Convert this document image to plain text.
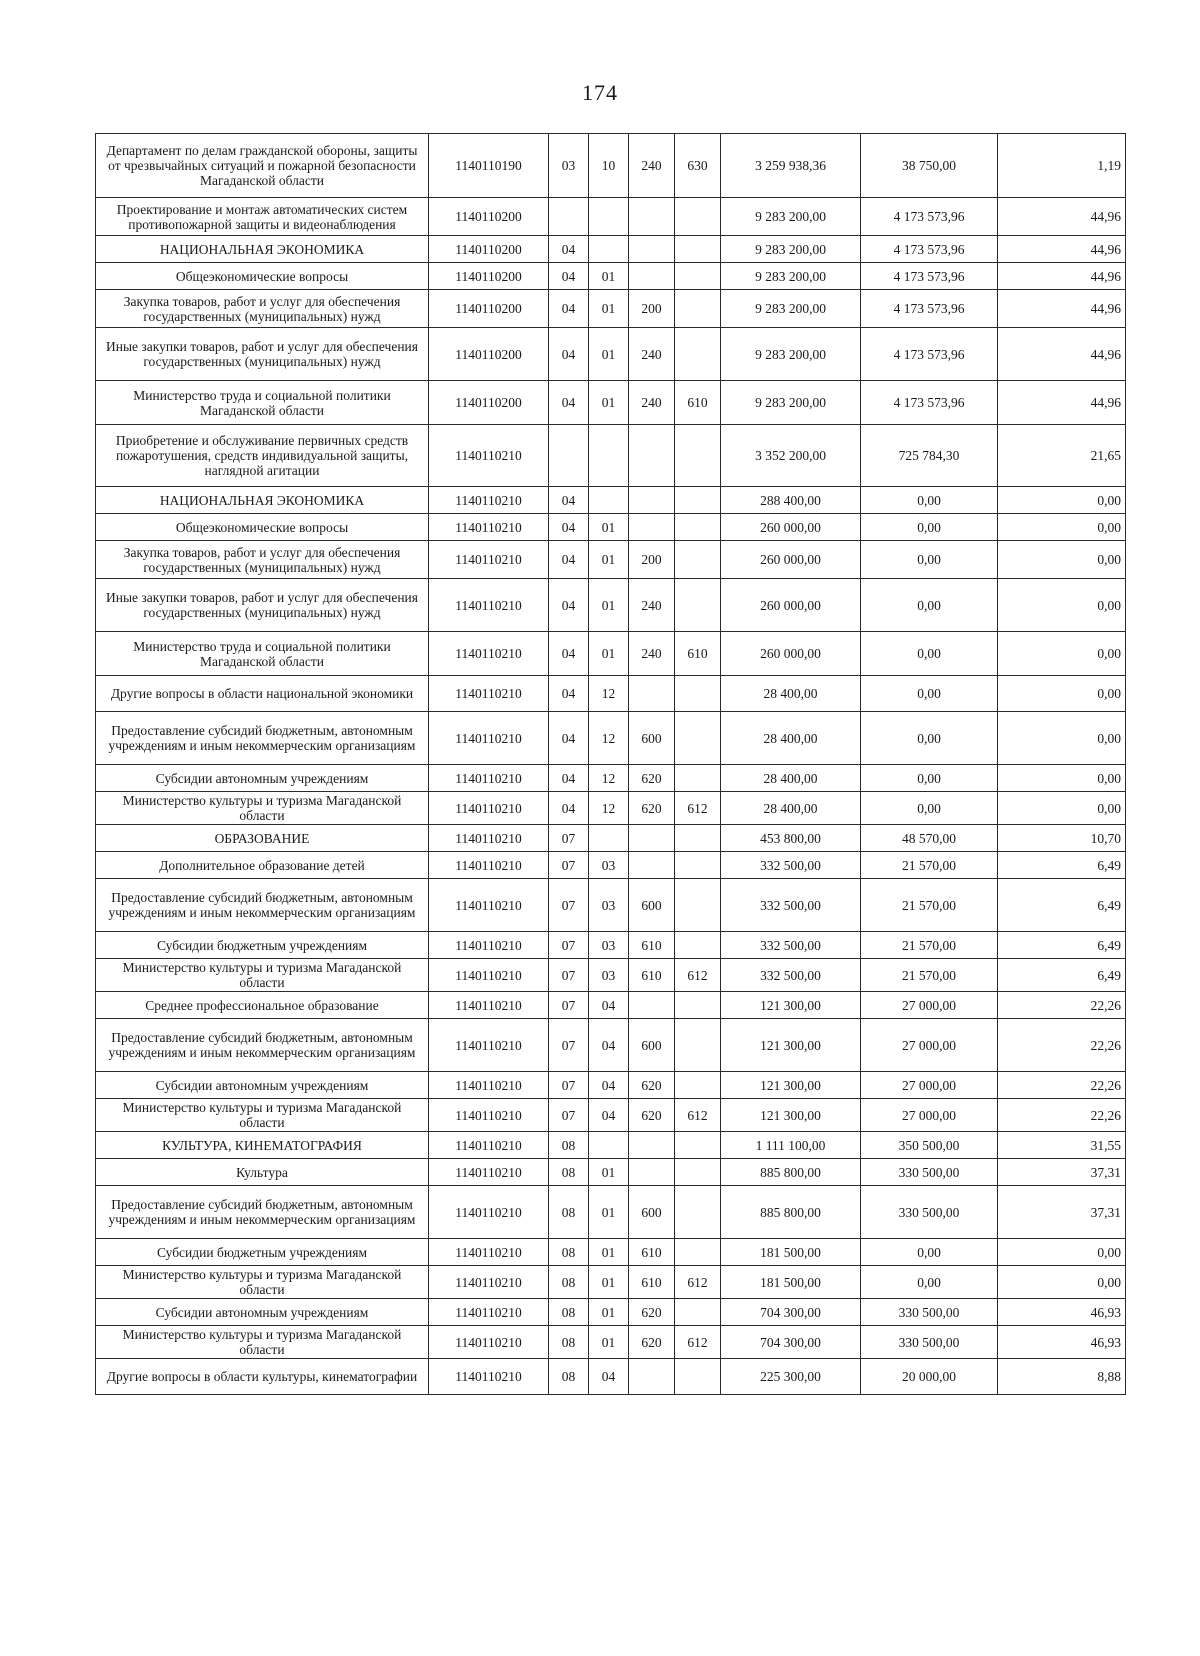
174
Департамент по делам гражданской обороны, защиты от чрезвычайных ситуаций и пожарной безопасности Магаданской области	1140110190	03	10	240	630	3 259 938,36	38 750,00	1,19
Проектирование и монтаж автоматических систем противопожарной защиты и видеонаблюдения	1140110200					9 283 200,00	4 173 573,96	44,96
НАЦИОНАЛЬНАЯ ЭКОНОМИКА	1140110200	04				9 283 200,00	4 173 573,96	44,96
Общеэкономические вопросы	1140110200	04	01			9 283 200,00	4 173 573,96	44,96
Закупка товаров, работ и услуг для обеспечения государственных (муниципальных) нужд	1140110200	04	01	200		9 283 200,00	4 173 573,96	44,96
Иные закупки товаров, работ и услуг для обеспечения государственных (муниципальных) нужд	1140110200	04	01	240		9 283 200,00	4 173 573,96	44,96
Министерство труда и социальной политики Магаданской области	1140110200	04	01	240	610	9 283 200,00	4 173 573,96	44,96
Приобретение и обслуживание первичных средств пожаротушения, средств индивидуальной защиты, наглядной агитации	1140110210					3 352 200,00	725 784,30	21,65
НАЦИОНАЛЬНАЯ ЭКОНОМИКА	1140110210	04				288 400,00	0,00	0,00
Общеэкономические вопросы	1140110210	04	01			260 000,00	0,00	0,00
Закупка товаров, работ и услуг для обеспечения государственных (муниципальных) нужд	1140110210	04	01	200		260 000,00	0,00	0,00
Иные закупки товаров, работ и услуг для обеспечения государственных (муниципальных) нужд	1140110210	04	01	240		260 000,00	0,00	0,00
Министерство труда и социальной политики Магаданской области	1140110210	04	01	240	610	260 000,00	0,00	0,00
Другие вопросы в области национальной экономики	1140110210	04	12			28 400,00	0,00	0,00
Предоставление субсидий бюджетным, автономным учреждениям и иным некоммерческим организациям	1140110210	04	12	600		28 400,00	0,00	0,00
Субсидии автономным учреждениям	1140110210	04	12	620		28 400,00	0,00	0,00
Министерство культуры и туризма Магаданской области	1140110210	04	12	620	612	28 400,00	0,00	0,00
ОБРАЗОВАНИЕ	1140110210	07				453 800,00	48 570,00	10,70
Дополнительное образование детей	1140110210	07	03			332 500,00	21 570,00	6,49
Предоставление субсидий бюджетным, автономным учреждениям и иным некоммерческим организациям	1140110210	07	03	600		332 500,00	21 570,00	6,49
Субсидии бюджетным учреждениям	1140110210	07	03	610		332 500,00	21 570,00	6,49
Министерство культуры и туризма Магаданской области	1140110210	07	03	610	612	332 500,00	21 570,00	6,49
Среднее профессиональное образование	1140110210	07	04			121 300,00	27 000,00	22,26
Предоставление субсидий бюджетным, автономным учреждениям и иным некоммерческим организациям	1140110210	07	04	600		121 300,00	27 000,00	22,26
Субсидии автономным учреждениям	1140110210	07	04	620		121 300,00	27 000,00	22,26
Министерство культуры и туризма Магаданской области	1140110210	07	04	620	612	121 300,00	27 000,00	22,26
КУЛЬТУРА, КИНЕМАТОГРАФИЯ	1140110210	08				1 111 100,00	350 500,00	31,55
Культура	1140110210	08	01			885 800,00	330 500,00	37,31
Предоставление субсидий бюджетным, автономным учреждениям и иным некоммерческим организациям	1140110210	08	01	600		885 800,00	330 500,00	37,31
Субсидии бюджетным учреждениям	1140110210	08	01	610		181 500,00	0,00	0,00
Министерство культуры и туризма Магаданской области	1140110210	08	01	610	612	181 500,00	0,00	0,00
Субсидии автономным учреждениям	1140110210	08	01	620		704 300,00	330 500,00	46,93
Министерство культуры и туризма Магаданской области	1140110210	08	01	620	612	704 300,00	330 500,00	46,93
Другие вопросы в области культуры, кинематографии	1140110210	08	04			225 300,00	20 000,00	8,88
